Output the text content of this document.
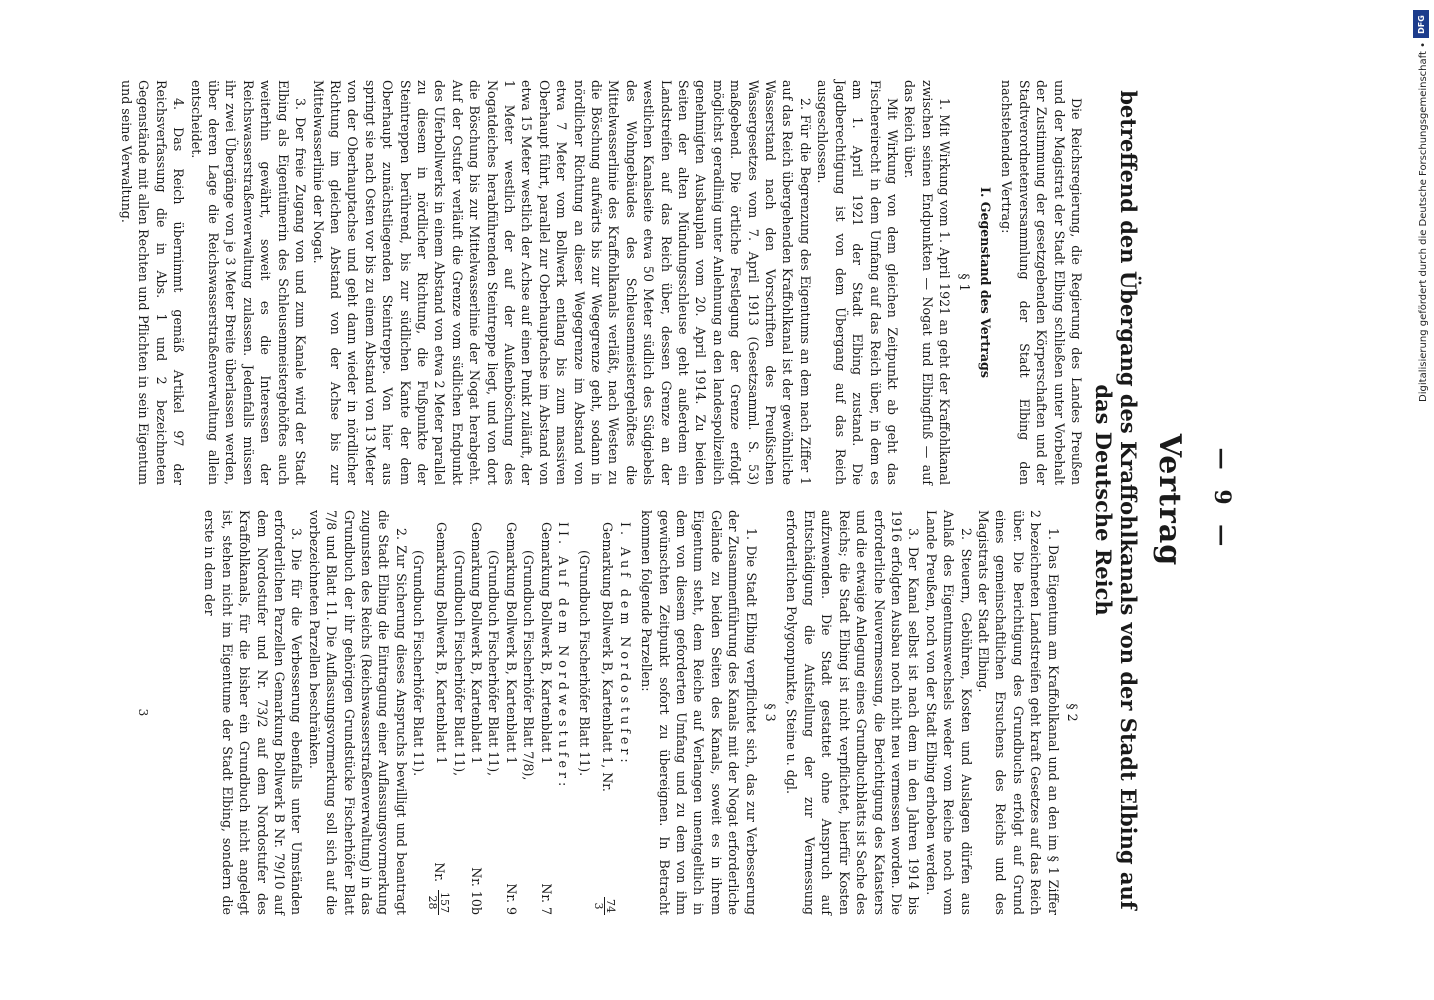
— 9 —
Vertrag
betreffend den Übergang des Kraffohlkanals von der Stadt Elbing auf das Deutsche Reich

Die Reichsregierung, die Regierung des Landes Preußen und der Magistrat der Stadt Elbing schließen unter Vorbehalt der Zustimmung der gesetzgebenden Körperschaften und der Stadtverordnetenversammlung der Stadt Elbing den nachstehenden Vertrag:

I. Gegenstand des Vertrags

§ 1

1. Mit Wirkung vom 1. April 1921 an geht der Kraffohlkanal zwischen seinen Endpunkten — Nogat und Elbingfluß — auf das Reich über.

Mit Wirkung von dem gleichen Zeitpunkt ab geht das Fischereirecht in dem Umfang auf das Reich über, in dem es am 1. April 1921 der Stadt Elbing zustand. Die Jagdberechtigung ist von dem Übergang auf das Reich ausgeschlossen.

2. Für die Begrenzung des Eigentums an dem nach Ziffer 1 auf das Reich übergehenden Kraffohlkanal ist der gewöhnliche Wasserstand nach den Vorschriften des Preußischen Wassergesetzes vom 7. April 1913 (Gesetzsamml. S. 53) maßgebend. Die örtliche Festlegung der Grenze erfolgt möglichst geradlinig unter Anlehnung an den landespolizeilich genehmigten Ausbauplan vom 20. April 1914. Zu beiden Seiten der alten Mündungsschleuse geht außerdem ein Landstreifen auf das Reich über, dessen Grenze an der westlichen Kanalseite etwa 50 Meter südlich des Südgiebels des Wohngebäudes des Schleusenmeistergehöftes die Mittelwasserlinie des Kraffohlkanals verläßt, nach Westen zu die Böschung aufwärts bis zur Wegegrenze geht, sodann in nördlicher Richtung an dieser Wegegrenze im Abstand von etwa 7 Meter vom Bollwerk entlang bis zum massiven Oberhaupt führt, parallel zur Oberhauptachse im Abstand von etwa 15 Meter westlich der Achse auf einen Punkt zuläuft, der 1 Meter westlich der auf der Außenböschung des Nogatdeiches herabführenden Steintreppe liegt, und von dort die Böschung bis zur Mittelwasserlinie der Nogat herabgeht. Auf der Ostufer verläuft die Grenze vom südlichen Endpunkt des Uferbollwerks in einem Abstand von etwa 2 Meter parallel zu diesem in nördlicher Richtung, die Fußpunkte der Steintreppen berührend, bis zur südlichen Kante der dem Oberhaupt zunächstliegenden Steintreppe. Von hier aus springt sie nach Osten vor bis zu einem Abstand von 13 Meter von der Oberhauptachse und geht dann wieder in nördlicher Richtung im gleichen Abstand von der Achse bis zur Mittelwasserlinie der Nogat.

3. Der freie Zugang von und zum Kanale wird der Stadt Elbing als Eigentümerin des Schleusenmeistergehöftes auch weiterhin gewährt, soweit es die Interessen der Reichswasserstraßenverwaltung zulassen. Jedenfalls müssen ihr zwei Übergänge von je 3 Meter Breite überlassen werden, über deren Lage die Reichswasserstraßenverwaltung allein entscheidet.

4. Das Reich übernimmt gemäß Artikel 97 der Reichsverfassung die in Abs. 1 und 2 bezeichneten Gegenstände mit allen Rechten und Pflichten in sein Eigentum und seine Verwaltung.

§ 2

1. Das Eigentum am Kraffohlkanal und an den im § 1 Ziffer 2 bezeichneten Landstreifen geht kraft Gesetzes auf das Reich über. Die Berichtigung des Grundbuchs erfolgt auf Grund eines gemeinschaftlichen Ersuchens des Reichs und des Magistrats der Stadt Elbing.

2. Steuern, Gebühren, Kosten und Auslagen dürfen aus Anlaß des Eigentumswechsels weder vom Reiche noch vom Lande Preußen, noch von der Stadt Elbing erhoben werden.

3. Der Kanal selbst ist nach dem in den Jahren 1914 bis 1916 erfolgten Ausbau noch nicht neu vermessen worden. Die erforderliche Neuvermessung, die Berichtigung des Katasters und die etwaige Anlegung eines Grundbuchblatts ist Sache des Reichs; die Stadt Elbing ist nicht verpflichtet, hierfür Kosten aufzuwenden. Die Stadt gestattet ohne Anspruch auf Entschädigung die Aufstellung der zur Vermessung erforderlichen Polygonpunkte, Steine u. dgl.

§ 3

1. Die Stadt Elbing verpflichtet sich, das zur Verbesserung der Zusammenführung des Kanals mit der Nogat erforderliche Gelände zu beiden Seiten des Kanals, soweit es in ihrem Eigentum steht, dem Reiche auf Verlangen unentgeltlich in dem von diesem geforderten Umfang und zu dem von ihm gewünschten Zeitpunkt sofort zu übereignen. In Betracht kommen folgende Parzellen:

I. Auf dem Nordostufer:

Gemarkung Bollwerk B, Kartenblatt 1, Nr.
74
3

(Grundbuch Fischerhöfer Blatt 11).

II. Auf dem Nordwestufer:

Gemarkung Bollwerk B, Kartenblatt 1
Nr. 7

(Grundbuch Fischerhöfer Blatt 7/8),

Gemarkung Bollwerk B, Kartenblatt 1
Nr. 9

(Grundbuch Fischerhöfer Blatt 11),

Gemarkung Bollwerk B, Kartenblatt 1
Nr. 10b

(Grundbuch Fischerhöfer Blatt 11),

Gemarkung Bollwerk B, Kartenblatt 1
Nr.
157
28

(Grundbuch Fischerhöfer Blatt 11).

2. Zur Sicherung dieses Anspruchs bewilligt und beantragt die Stadt Elbing die Eintragung einer Auflassungsvormerkung zugunsten des Reichs (Reichswasserstraßenverwaltung) in das Grundbuch der ihr gehörigen Grundstücke Fischerhöfer Blatt 7/8 und Blatt 11. Die Auflassungsvormerkung soll sich auf die vorbezeichneten Parzellen beschränken.

3. Die für die Verbesserung ebenfalls unter Umständen erforderlichen Parzellen Gemarkung Bollwerk B Nr. 79/10 auf dem Nordostufer und Nr. 73/2 auf dem Nordostufer des Kraffohlkanals, für die bisher ein Grundbuch nicht angelegt ist, stehen nicht im Eigentume der Stadt Elbing, sondern die erste in dem der

3
Digitalisierung gefördert durch die Deutsche Forschungsgemeinschaft •
DFG
